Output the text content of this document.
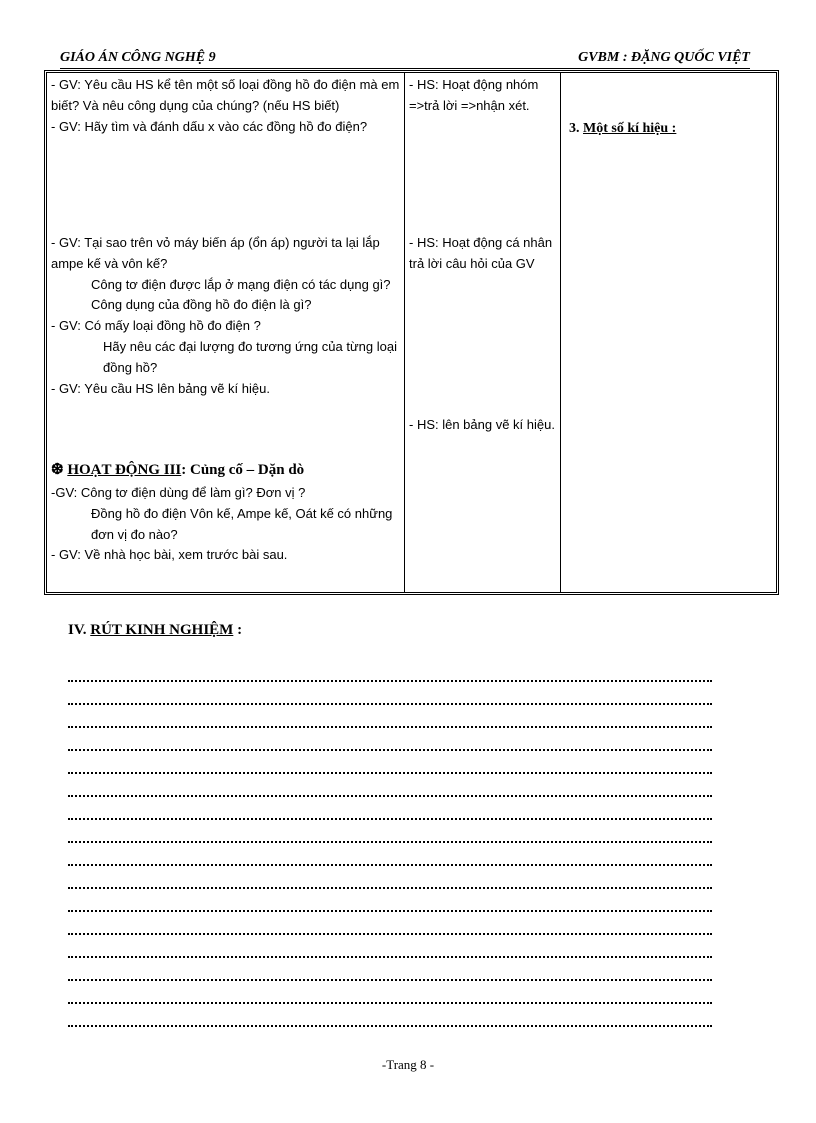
GIÁO ÁN CÔNG NGHỆ 9	GVBM : ĐẶNG QUỐC VIỆT

- GV: Yêu cầu HS kể tên một số loại đồng hồ đo điện mà em biết? Và nêu công dụng của chúng? (nếu HS biết)

- GV: Hãy tìm và đánh dấu x vào các đồng hồ đo điện?

- GV: Tại sao trên vỏ máy biến áp (ổn áp) người ta lại lắp ampe kế và vôn kế?

Công tơ điện được lắp ở mạng điện có tác dụng gì?

Công dụng của đồng hồ đo điện là gì?

- GV: Có mấy loại đồng hồ đo điện ?

Hãy nêu các đại lượng đo tương ứng của từng loại đồng hồ?

- GV: Yêu cầu HS lên bảng vẽ kí hiệu.

❆ HOẠT ĐỘNG III: Củng cố – Dặn dò

-GV: Công tơ điện dùng để làm gì? Đơn vị ?

Đồng hồ đo điện Vôn kế, Ampe kế, Oát kế có những đơn vị đo nào?

- GV: Về nhà học bài, xem trước bài sau.

- HS: Hoạt động nhóm =>trả lời =>nhận xét.
- HS: Hoạt động cá nhân trả lời câu hỏi của GV
- HS: lên bảng vẽ kí hiệu.
3. Một số kí hiệu :
IV. RÚT KINH NGHIỆM :
-Trang 8 -
